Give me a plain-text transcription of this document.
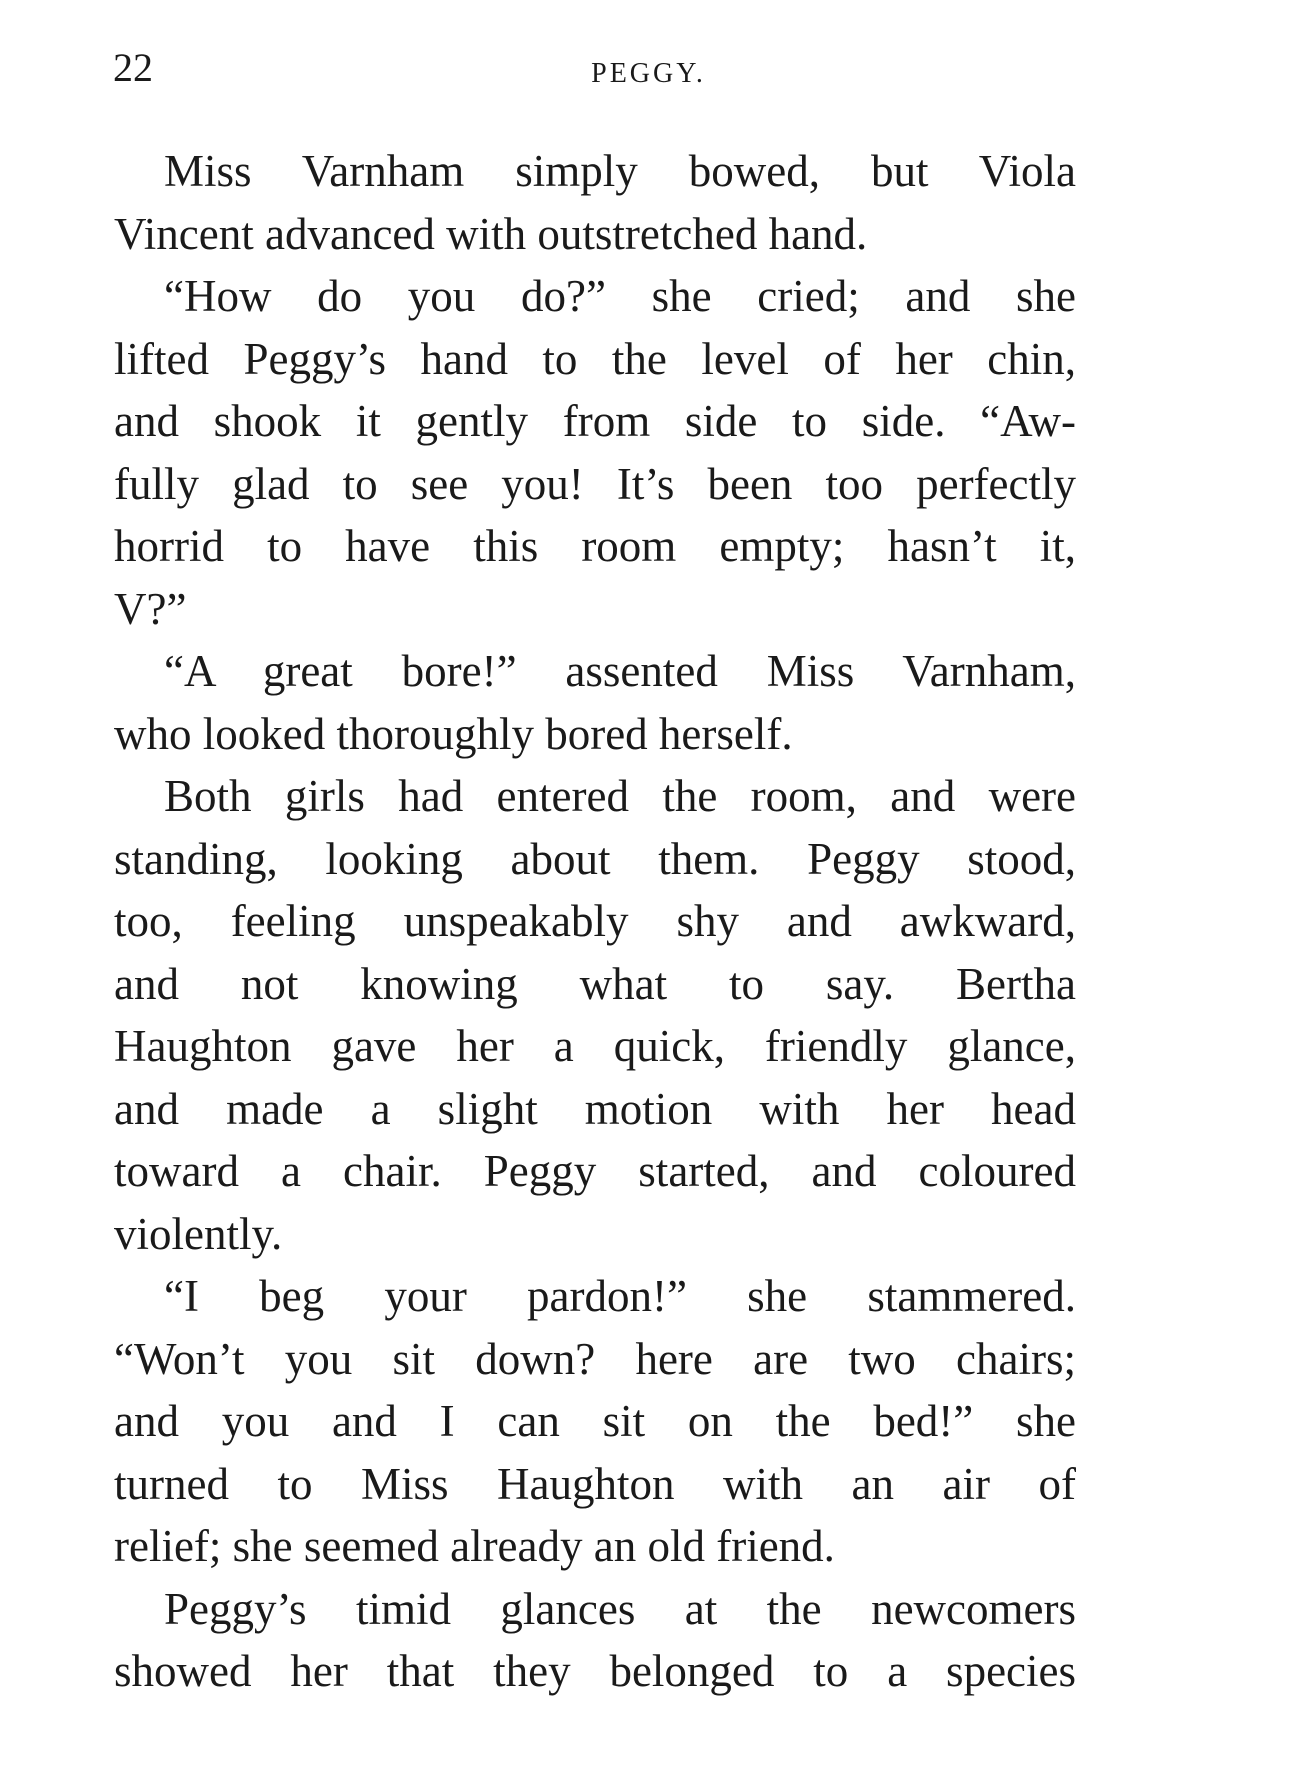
22	PEGGY.
Miss Varnham simply bowed, but Viola
Vincent advanced with outstretched hand.
“How do you do?” she cried; and she
lifted Peggy’s hand to the level of her chin,
and shook it gently from side to side. “Aw-
fully glad to see you! It’s been too perfectly
horrid to have this room empty; hasn’t it,
V?”
“A great bore!” assented Miss Varnham,
who looked thoroughly bored herself.
Both girls had entered the room, and were
standing, looking about them. Peggy stood,
too, feeling unspeakably shy and awkward,
and not knowing what to say. Bertha
Haughton gave her a quick, friendly glance,
and made a slight motion with her head
toward a chair. Peggy started, and coloured
violently.
“I beg your pardon!” she stammered.
“Won’t you sit down? here are two chairs;
and you and I can sit on the bed!” she
turned to Miss Haughton with an air of
relief; she seemed already an old friend.
Peggy’s timid glances at the newcomers
showed her that they belonged to a species
